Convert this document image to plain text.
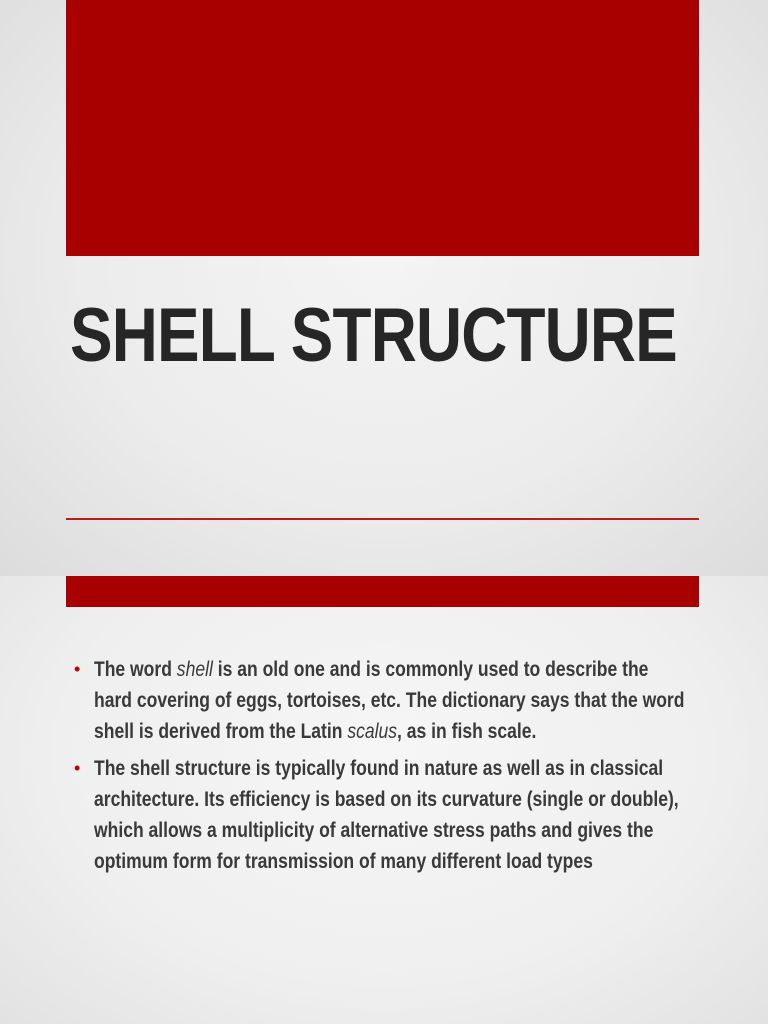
SHELL STRUCTURE
• The word shell is an old one and is commonly used to describe the hard covering of eggs, tortoises, etc. The dictionary says that the word shell is derived from the Latin scalus, as in fish scale.
• The shell structure is typically found in nature as well as in classical architecture. Its efficiency is based on its curvature (single or double), which allows a multiplicity of alternative stress paths and gives the optimum form for transmission of many different load types
